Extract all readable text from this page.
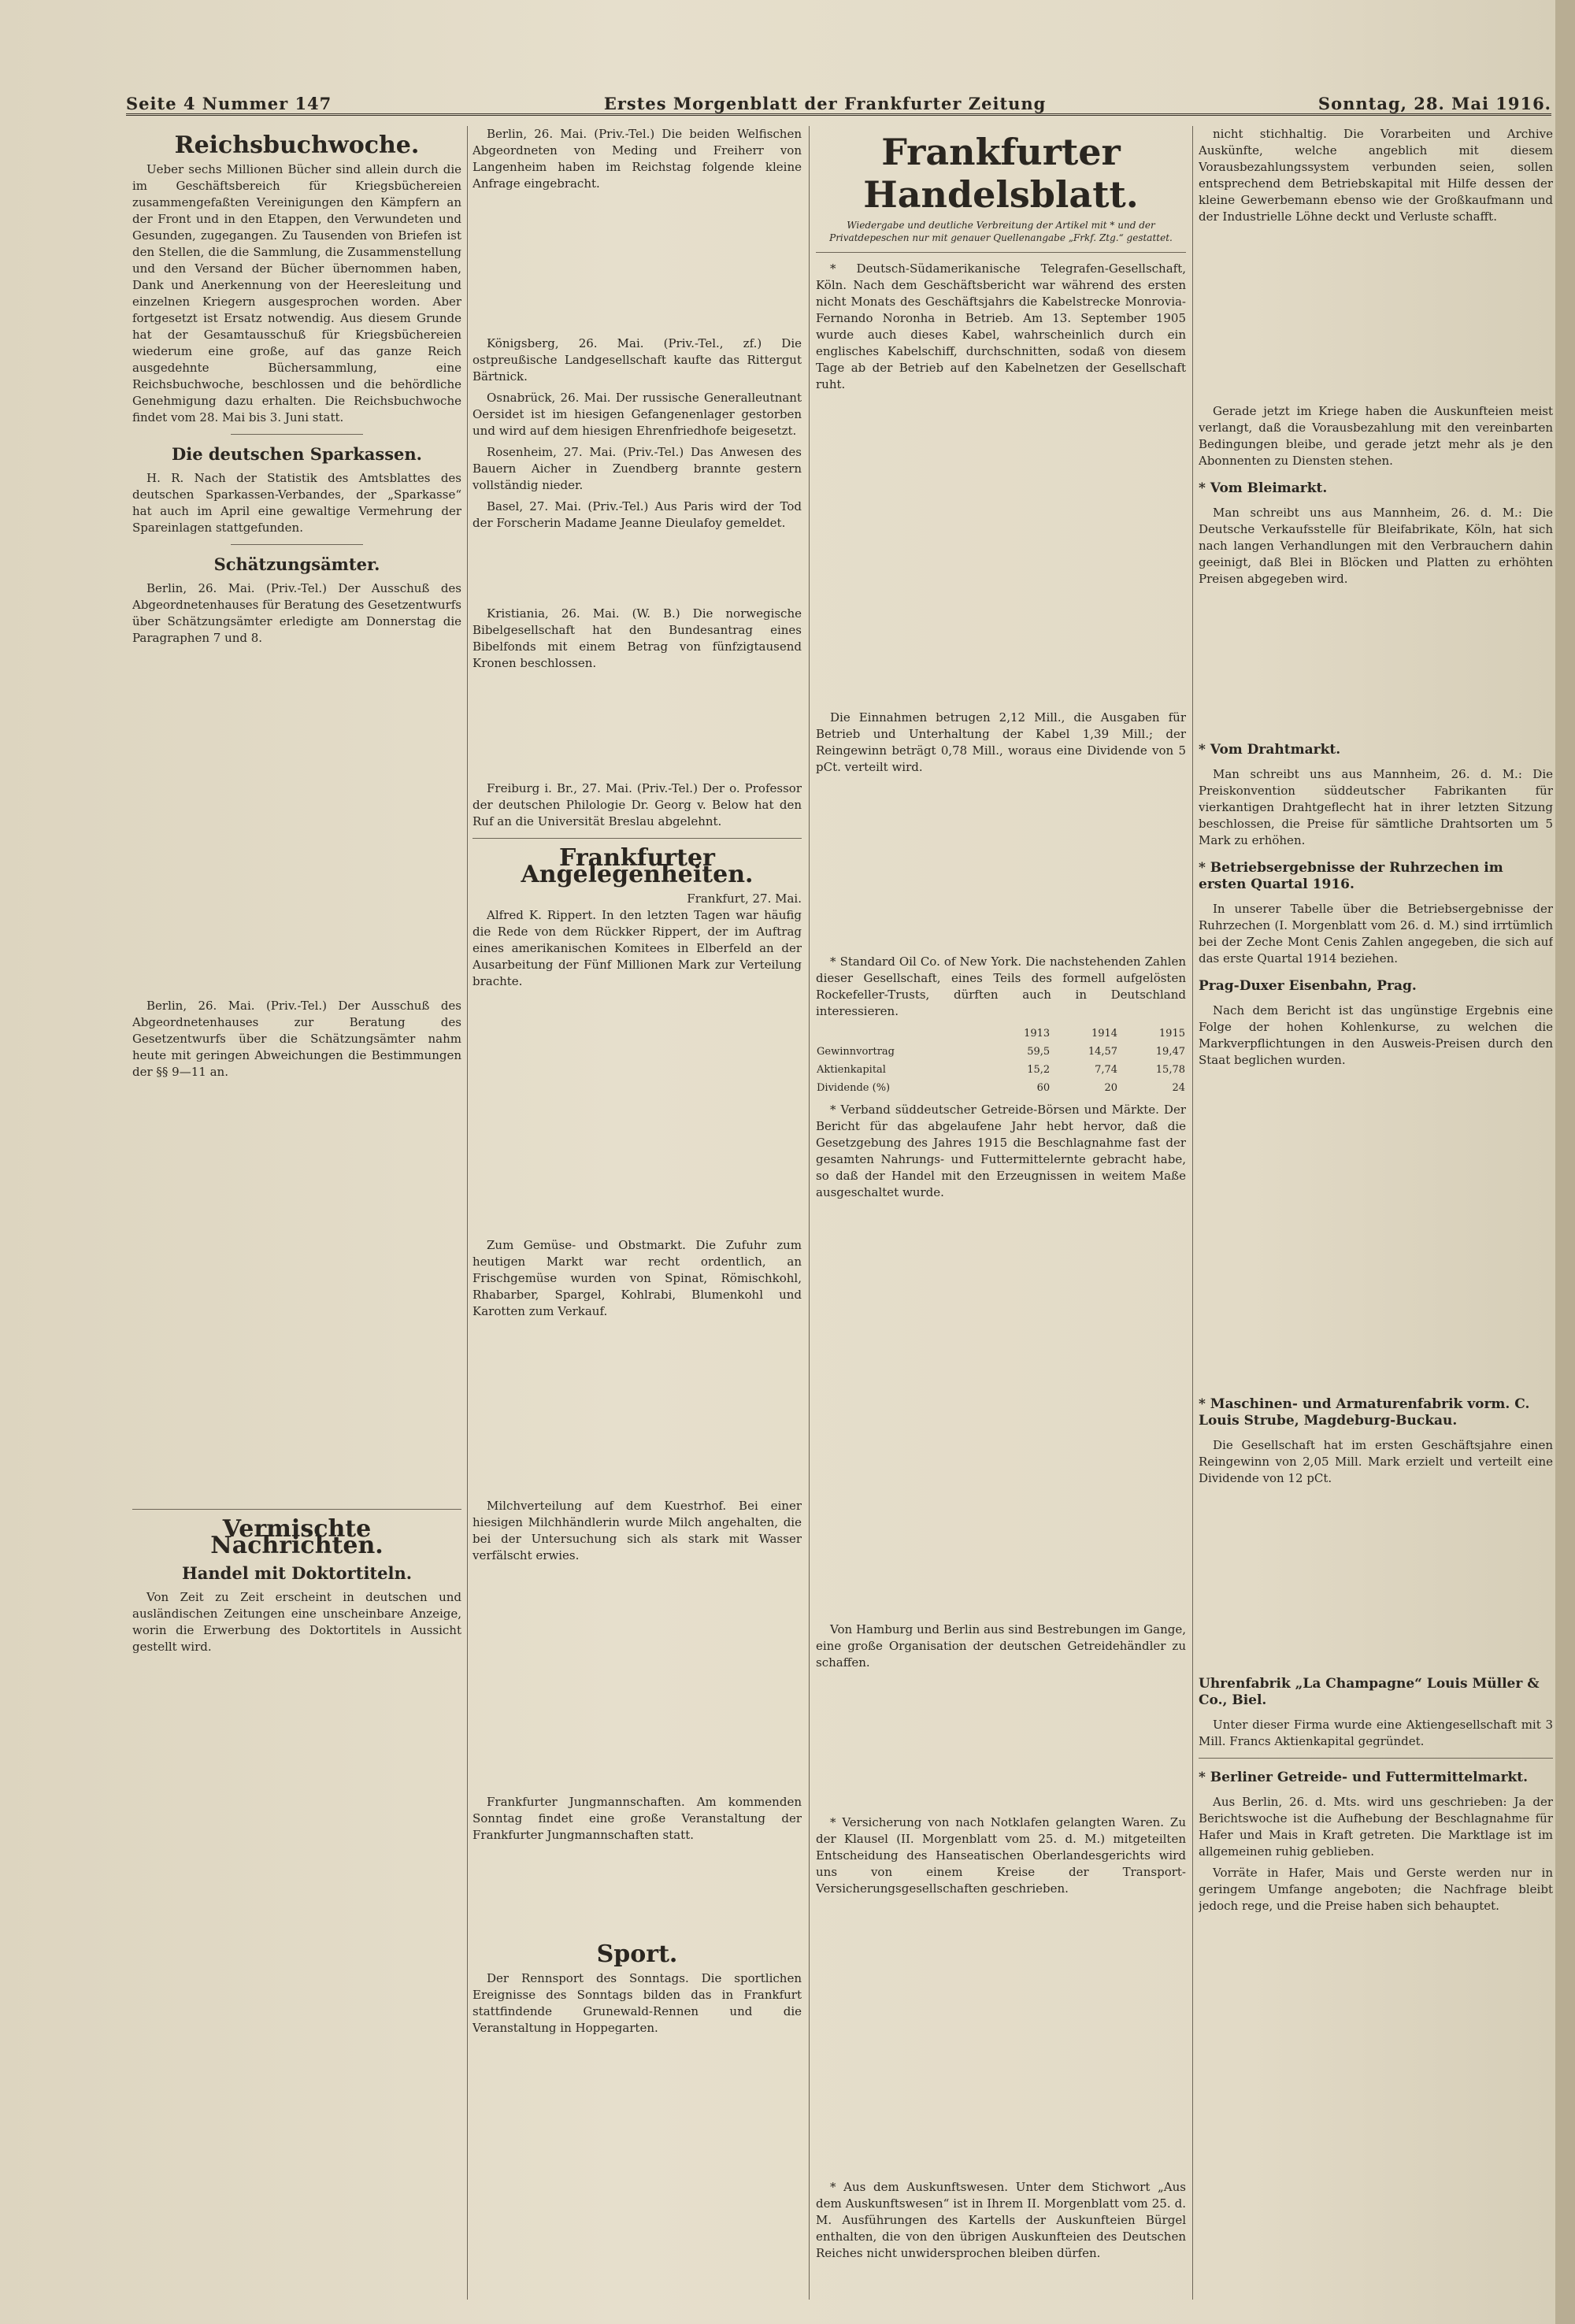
Seite 4 Nummer 147	Erstes Morgenblatt der Frankfurter Zeitung	Sonntag, 28. Mai 1916.
Reichsbuchwoche.

Ueber sechs Millionen Bücher sind allein durch die im Geschäftsbereich für Kriegsbüchereien zusammengefaßten Vereinigungen den Kämpfern an der Front und in den Etappen, den Verwundeten und Gesunden, zugegangen. Zu Tausenden von Briefen ist den Stellen, die die Sammlung, die Zusammenstellung und den Versand der Bücher übernommen haben, Dank und Anerkennung von der Heeresleitung und einzelnen Kriegern ausgesprochen worden. Aber fortgesetzt ist Ersatz notwendig. Aus diesem Grunde hat der Gesamtausschuß für Kriegsbüchereien wiederum eine große, auf das ganze Reich ausgedehnte Büchersammlung, eine Reichsbuchwoche, beschlossen und die behördliche Genehmigung dazu erhalten. Die Reichsbuchwoche findet vom 28. Mai bis 3. Juni statt.

Die deutschen Sparkassen.

H. R. Nach der Statistik des Amtsblattes des deutschen Sparkassen-Verbandes, der „Sparkasse“ hat auch im April eine gewaltige Vermehrung der Spareinlagen stattgefunden.

Schätzungsämter.

Berlin, 26. Mai. (Priv.-Tel.) Der Ausschuß des Abgeordnetenhauses für Beratung des Gesetzentwurfs über Schätzungsämter erledigte am Donnerstag die Paragraphen 7 und 8.

Berlin, 26. Mai. (Priv.-Tel.) Der Ausschuß des Abgeordnetenhauses zur Beratung des Gesetzentwurfs über die Schätzungsämter nahm heute mit geringen Abweichungen die Bestimmungen der §§ 9—11 an.

Vermischte Nachrichten.
Handel mit Doktortiteln.

Von Zeit zu Zeit erscheint in deutschen und ausländischen Zeitungen eine unscheinbare Anzeige, worin die Erwerbung des Doktortitels in Aussicht gestellt wird.

Berlin, 26. Mai. (Priv.-Tel.) Die beiden Welfischen Abgeordneten von Meding und Freiherr von Langenheim haben im Reichstag folgende kleine Anfrage eingebracht.

Königsberg, 26. Mai. (Priv.-Tel., zf.) Die ostpreußische Landgesellschaft kaufte das Rittergut Bärtnick.

Osnabrück, 26. Mai. Der russische Generalleutnant Oersidet ist im hiesigen Gefangenenlager gestorben und wird auf dem hiesigen Ehrenfriedhofe beigesetzt.

Rosenheim, 27. Mai. (Priv.-Tel.) Das Anwesen des Bauern Aicher in Zuendberg brannte gestern vollständig nieder.

Basel, 27. Mai. (Priv.-Tel.) Aus Paris wird der Tod der Forscherin Madame Jeanne Dieulafoy gemeldet.

Kristiania, 26. Mai. (W. B.) Die norwegische Bibelgesellschaft hat den Bundesantrag eines Bibelfonds mit einem Betrag von fünfzigtausend Kronen beschlossen.

Freiburg i. Br., 27. Mai. (Priv.-Tel.) Der o. Professor der deutschen Philologie Dr. Georg v. Below hat den Ruf an die Universität Breslau abgelehnt.

Frankfurter Angelegenheiten.
Frankfurt, 27. Mai.

Alfred K. Rippert. In den letzten Tagen war häufig die Rede von dem Rückker Rippert, der im Auftrag eines amerikanischen Komitees in Elberfeld an der Ausarbeitung der Fünf Millionen Mark zur Verteilung brachte.

Zum Gemüse- und Obstmarkt. Die Zufuhr zum heutigen Markt war recht ordentlich, an Frischgemüse wurden von Spinat, Römischkohl, Rhabarber, Spargel, Kohlrabi, Blumenkohl und Karotten zum Verkauf.

Milchverteilung auf dem Kuestrhof. Bei einer hiesigen Milchhändlerin wurde Milch angehalten, die bei der Untersuchung sich als stark mit Wasser verfälscht erwies.

Frankfurter Jungmannschaften. Am kommenden Sonntag findet eine große Veranstaltung der Frankfurter Jungmannschaften statt.

Sport.

Der Rennsport des Sonntags. Die sportlichen Ereignisse des Sonntags bilden das in Frankfurt stattfindende Grunewald-Rennen und die Veranstaltung in Hoppegarten.

Frankfurter Handelsblatt.
Wiedergabe und deutliche Verbreitung der Artikel mit * und der Privatdepeschen nur mit genauer Quellenangabe „Frkf. Ztg.“ gestattet.

* Deutsch-Südamerikanische Telegrafen-Gesellschaft, Köln. Nach dem Geschäftsbericht war während des ersten nicht Monats des Geschäftsjahrs die Kabelstrecke Monrovia-Fernando Noronha in Betrieb. Am 13. September 1905 wurde auch dieses Kabel, wahrscheinlich durch ein englisches Kabelschiff, durchschnitten, sodaß von diesem Tage ab der Betrieb auf den Kabelnetzen der Gesellschaft ruht.

Die Einnahmen betrugen 2,12 Mill., die Ausgaben für Betrieb und Unterhaltung der Kabel 1,39 Mill.; der Reingewinn beträgt 0,78 Mill., woraus eine Dividende von 5 pCt. verteilt wird.

* Standard Oil Co. of New York. Die nachstehenden Zahlen dieser Gesellschaft, eines Teils des formell aufgelösten Rockefeller-Trusts, dürften auch in Deutschland interessieren.

	1913	1914	1915
Gewinnvortrag	59,5	14,57	19,47
Aktienkapital	15,2	7,74	15,78
Dividende (%)	60	20	24

* Verband süddeutscher Getreide-Börsen und Märkte. Der Bericht für das abgelaufene Jahr hebt hervor, daß die Gesetzgebung des Jahres 1915 die Beschlagnahme fast der gesamten Nahrungs- und Futtermittelernte gebracht habe, so daß der Handel mit den Erzeugnissen in weitem Maße ausgeschaltet wurde.

Von Hamburg und Berlin aus sind Bestrebungen im Gange, eine große Organisation der deutschen Getreidehändler zu schaffen.

* Versicherung von nach Notklafen gelangten Waren. Zu der Klausel (II. Morgenblatt vom 25. d. M.) mitgeteilten Entscheidung des Hanseatischen Oberlandesgerichts wird uns von einem Kreise der Transport-Versicherungsgesellschaften geschrieben.

* Aus dem Auskunftswesen. Unter dem Stichwort „Aus dem Auskunftswesen“ ist in Ihrem II. Morgenblatt vom 25. d. M. Ausführungen des Kartells der Auskunfteien Bürgel enthalten, die von den übrigen Auskunfteien des Deutschen Reiches nicht unwidersprochen bleiben dürfen.

nicht stichhaltig. Die Vorarbeiten und Archive Auskünfte, welche angeblich mit diesem Vorausbezahlungssystem verbunden seien, sollen entsprechend dem Betriebskapital mit Hilfe dessen der kleine Gewerbemann ebenso wie der Großkaufmann und der Industrielle Löhne deckt und Verluste schafft.

Gerade jetzt im Kriege haben die Auskunfteien meist verlangt, daß die Vorausbezahlung mit den vereinbarten Bedingungen bleibe, und gerade jetzt mehr als je den Abonnenten zu Diensten stehen.

* Vom Bleimarkt.

Man schreibt uns aus Mannheim, 26. d. M.: Die Deutsche Verkaufsstelle für Bleifabrikate, Köln, hat sich nach langen Verhandlungen mit den Verbrauchern dahin geeinigt, daß Blei in Blöcken und Platten zu erhöhten Preisen abgegeben wird.

* Vom Drahtmarkt.

Man schreibt uns aus Mannheim, 26. d. M.: Die Preiskonvention süddeutscher Fabrikanten für vierkantigen Drahtgeflecht hat in ihrer letzten Sitzung beschlossen, die Preise für sämtliche Drahtsorten um 5 Mark zu erhöhen.

* Betriebsergebnisse der Ruhrzechen im ersten Quartal 1916.

In unserer Tabelle über die Betriebsergebnisse der Ruhrzechen (I. Morgenblatt vom 26. d. M.) sind irrtümlich bei der Zeche Mont Cenis Zahlen angegeben, die sich auf das erste Quartal 1914 beziehen.

Prag-Duxer Eisenbahn, Prag.

Nach dem Bericht ist das ungünstige Ergebnis eine Folge der hohen Kohlenkurse, zu welchen die Markverpflichtungen in den Ausweis-Preisen durch den Staat beglichen wurden.

* Maschinen- und Armaturenfabrik vorm. C. Louis Strube, Magdeburg-Buckau.

Die Gesellschaft hat im ersten Geschäftsjahre einen Reingewinn von 2,05 Mill. Mark erzielt und verteilt eine Dividende von 12 pCt.

Uhrenfabrik „La Champagne“ Louis Müller & Co., Biel.

Unter dieser Firma wurde eine Aktiengesellschaft mit 3 Mill. Francs Aktienkapital gegründet.

* Berliner Getreide- und Futtermittelmarkt.

Aus Berlin, 26. d. Mts. wird uns geschrieben: Ja der Berichtswoche ist die Aufhebung der Beschlagnahme für Hafer und Mais in Kraft getreten. Die Marktlage ist im allgemeinen ruhig geblieben.

Vorräte in Hafer, Mais und Gerste werden nur in geringem Umfange angeboten; die Nachfrage bleibt jedoch rege, und die Preise haben sich behauptet.
